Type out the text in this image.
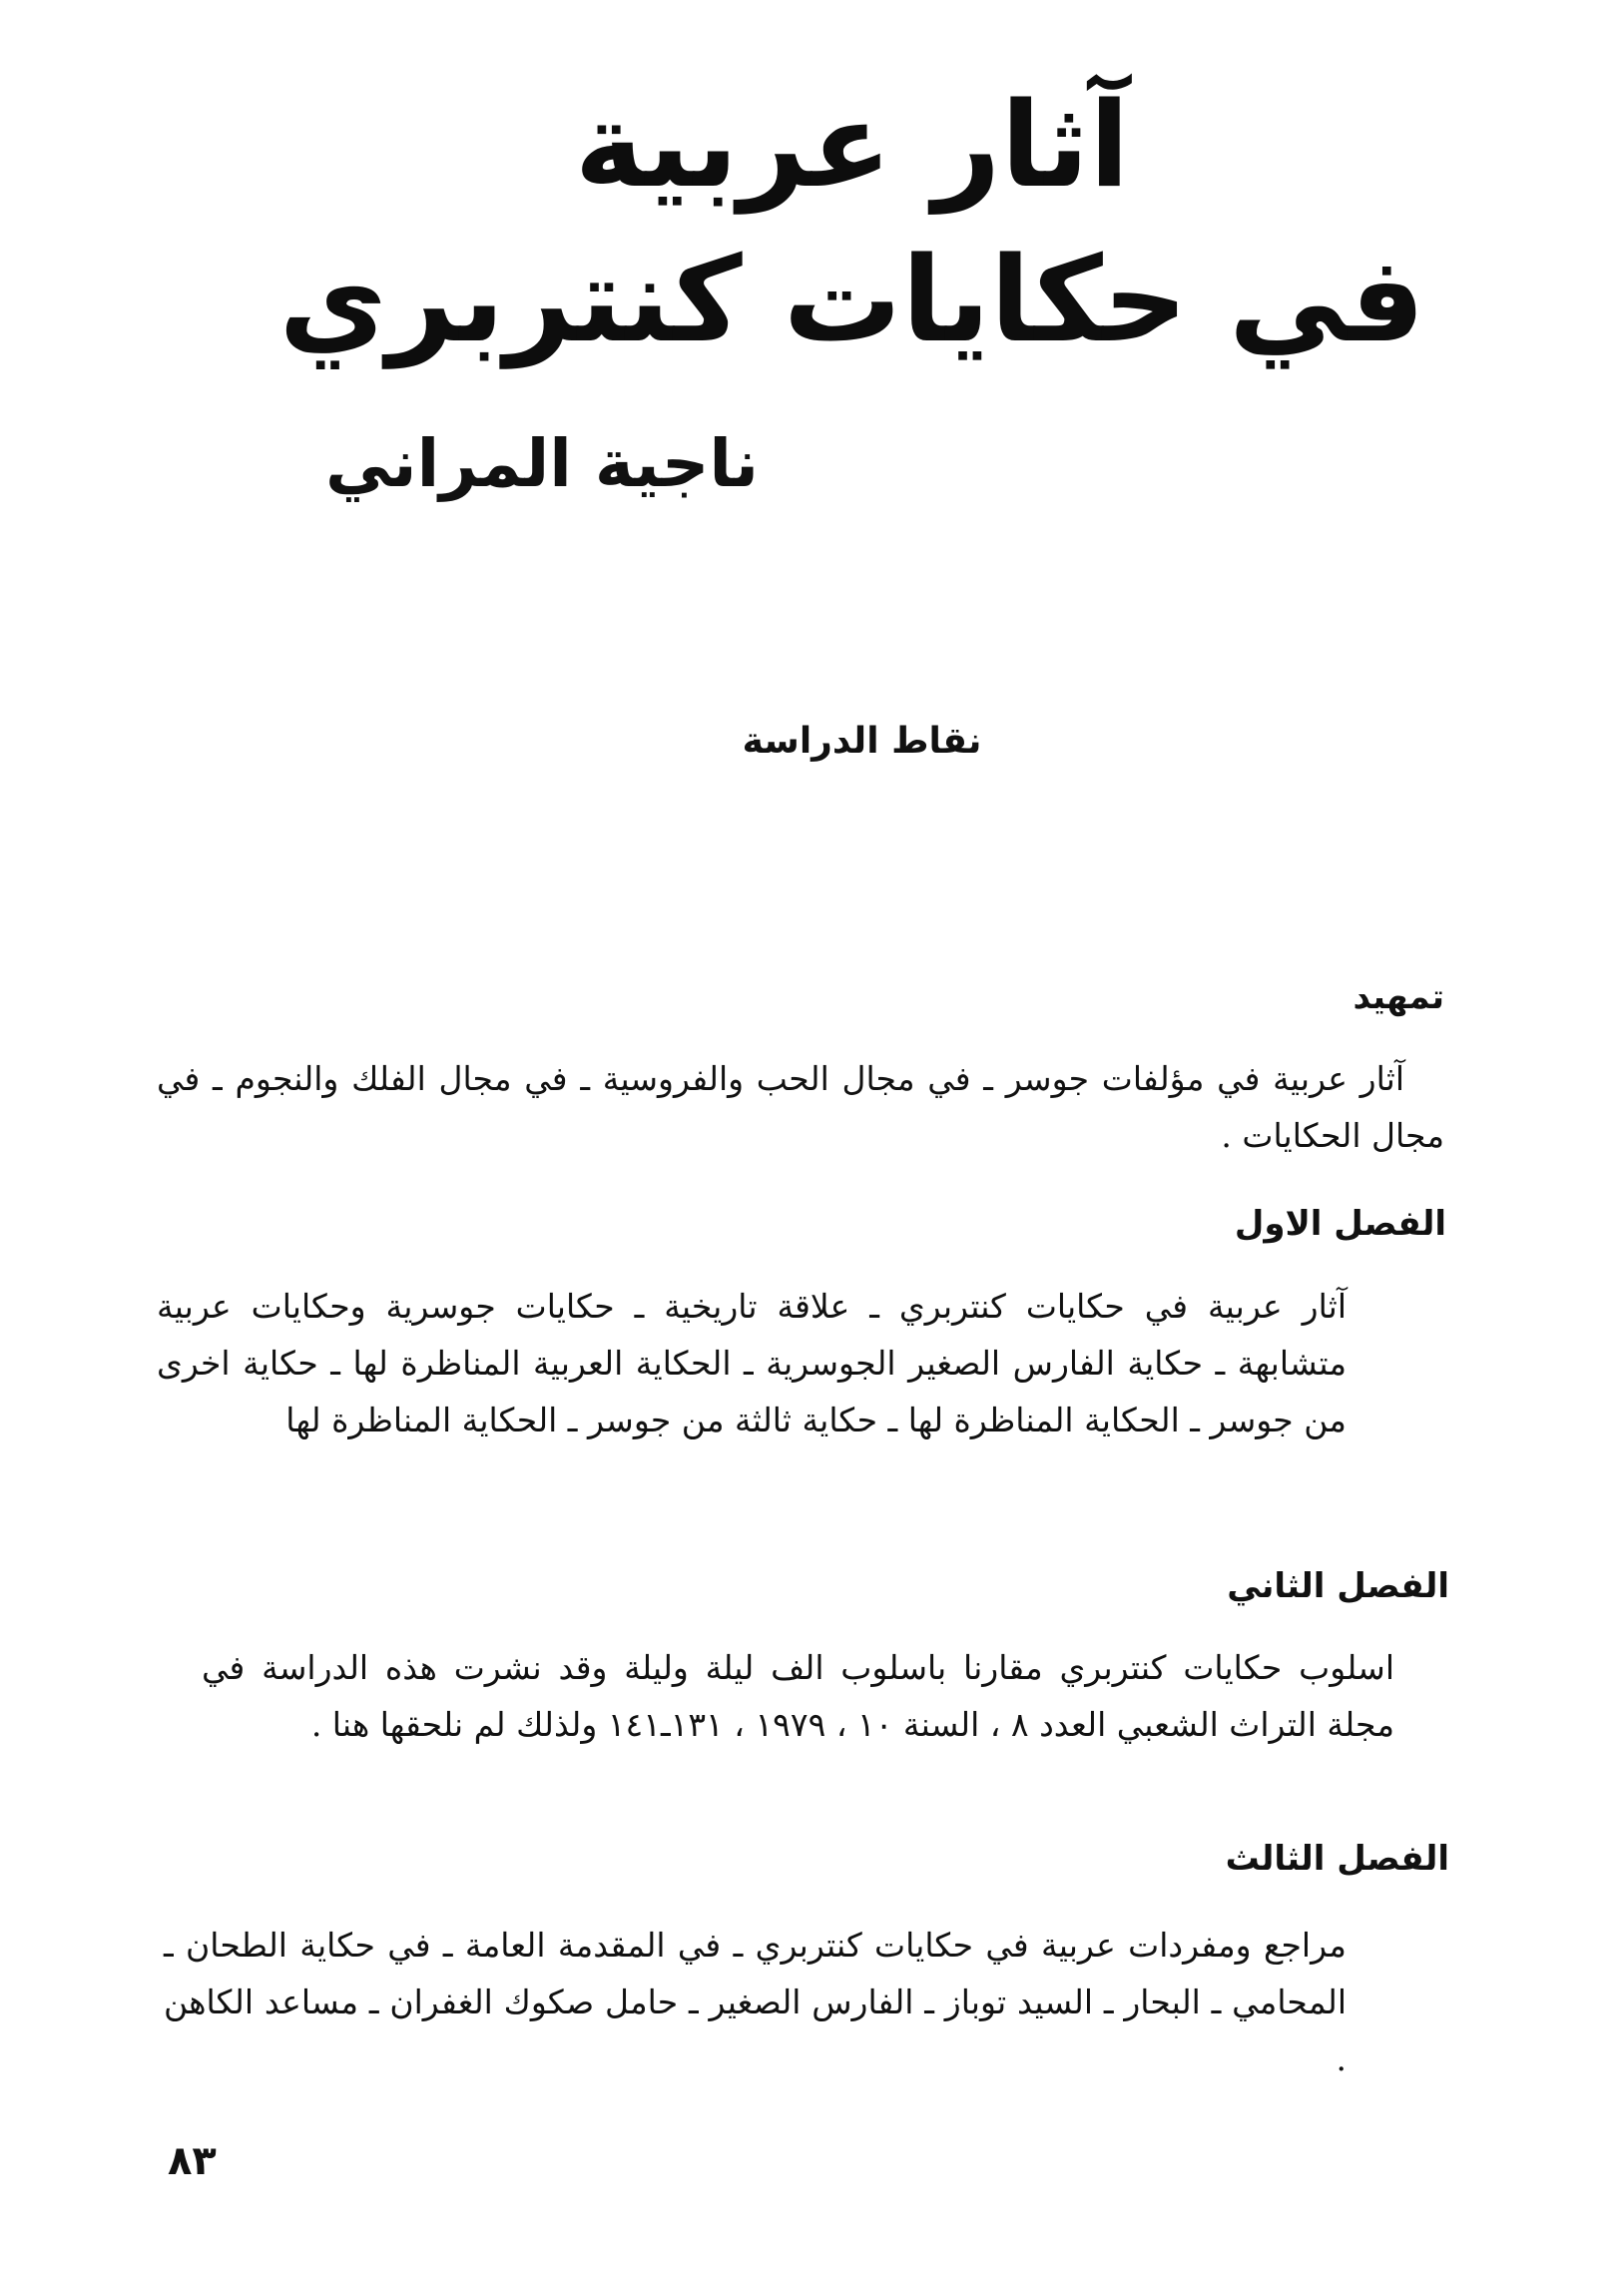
آثار عربية
في حكايات كنتربري
ناجية المراني
نقاط الدراسة
تمهيد
آثار عربية في مؤلفات جوسر ـ في مجال الحب والفروسية ـ في مجال الفلك والنجوم ـ في مجال الحكايات .
الفصل الاول
آثار عربية في حكايات كنتربري ـ علاقة تاريخية ـ حكايات جوسرية وحكايات عربية متشابهة ـ حكاية الفارس الصغير الجوسرية ـ الحكاية العربية المناظرة لها ـ حكاية اخرى من جوسر ـ الحكاية المناظرة لها ـ حكاية ثالثة من جوسر ـ الحكاية المناظرة لها
الفصل الثاني
اسلوب حكايات كنتربري مقارنا باسلوب الف ليلة وليلة وقد نشرت هذه الدراسة في مجلة التراث الشعبي العدد ٨ ، السنة ١٠ ، ١٩٧٩ ، ١٣١ـ١٤١ ولذلك لم نلحقها هنا .
الفصل الثالث
مراجع ومفردات عربية في حكايات كنتربري ـ في المقدمة العامة ـ في حكاية الطحان ـ المحامي ـ البحار ـ السيد توباز ـ الفارس الصغير ـ حامل صكوك الغفران ـ مساعد الكاهن .
٨٣
